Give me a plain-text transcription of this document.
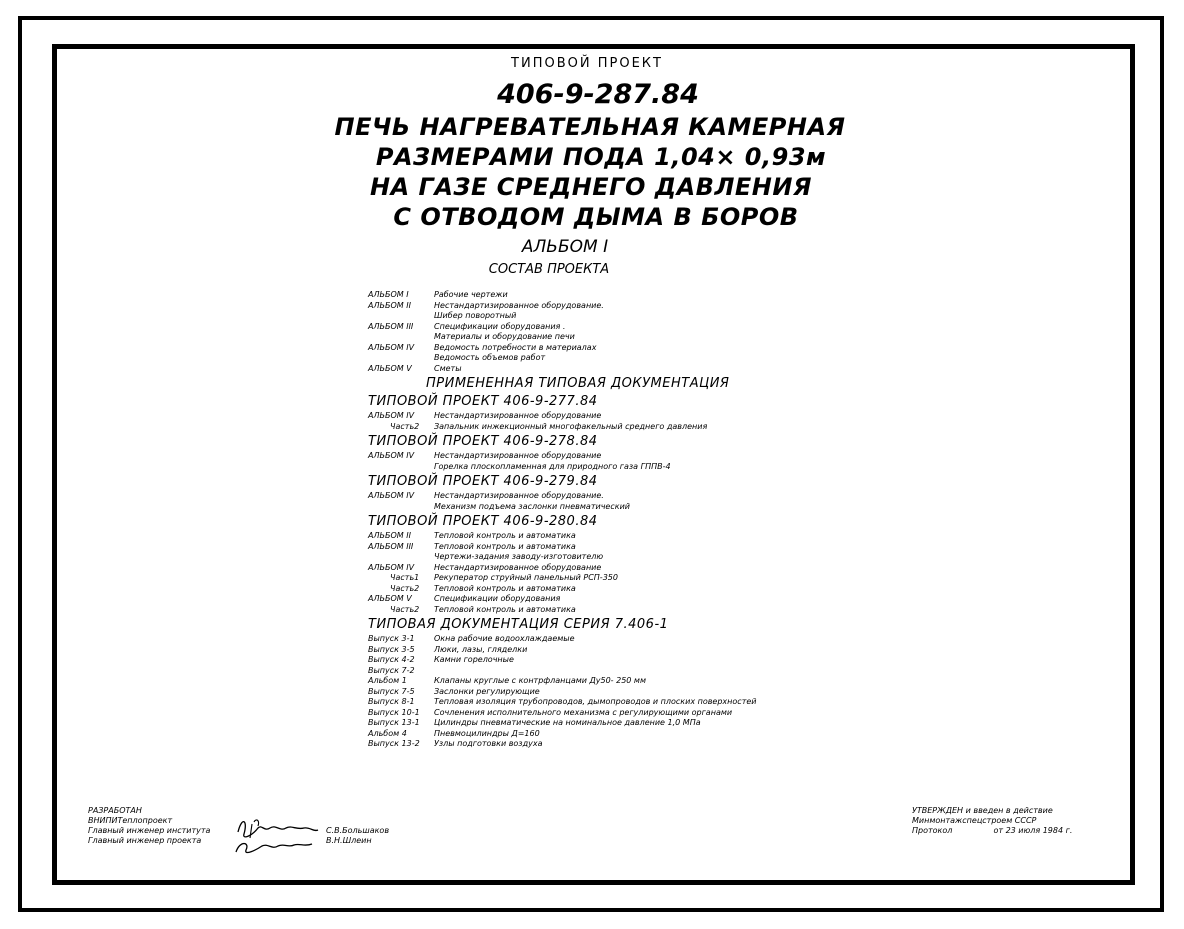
ТИПОВОЙ ПРОЕКТ
406-9-287.84
ПЕЧЬ НАГРЕВАТЕЛЬНАЯ КАМЕРНАЯ
РАЗМЕРАМИ ПОДА 1,04× 0,93м
НА ГАЗЕ СРЕДНЕГО ДАВЛЕНИЯ
С ОТВОДОМ ДЫМА В БОРОВ
АЛЬБОМ I
СОСТАВ ПРОЕКТА
АЛЬБОМ I	Рабочие чертежи
АЛЬБОМ II	Нестандартизированное оборудование.
Шибер поворотный
АЛЬБОМ III	Спецификации оборудования .
Материалы и оборудование печи
АЛЬБОМ IV	Ведомость потребности в материалах
Ведомость объемов работ
АЛЬБОМ V	Сметы
ПРИМЕНЕННАЯ ТИПОВАЯ ДОКУМЕНТАЦИЯ
ТИПОВОЙ ПРОЕКТ 406-9-277.84
АЛЬБОМ IV	Нестандартизированное оборудование
Часть2	Запальник инжекционный многофакельный среднего давления
ТИПОВОЙ ПРОЕКТ 406-9-278.84
АЛЬБОМ IV	Нестандартизированное оборудование
Горелка плоскопламенная для природного газа ГППВ-4
ТИПОВОЙ ПРОЕКТ 406-9-279.84
АЛЬБОМ IV	Нестандартизированное оборудование.
Механизм подъема заслонки пневматический
ТИПОВОЙ ПРОЕКТ 406-9-280.84
АЛЬБОМ II	Тепловой контроль и автоматика
АЛЬБОМ III	Тепловой контроль и автоматика
Чертежи-задания заводу-изготовителю
АЛЬБОМ IV	Нестандартизированное оборудование
Часть1	Рекуператор струйный панельный РСП-350
Часть2	Тепловой контроль и автоматика
АЛЬБОМ V	Спецификации оборудования
Часть2	Тепловой контроль и автоматика
ТИПОВАЯ ДОКУМЕНТАЦИЯ СЕРИЯ 7.406-1
Выпуск 3-1	Окна рабочие водоохлаждаемые
Выпуск 3-5	Люки, лазы, гляделки
Выпуск 4-2	Камни горелочные
Выпуск 7-2
Альбом 1	Клапаны круглые с контрфланцами Ду50- 250 мм
Выпуск 7-5	Заслонки регулирующие
Выпуск 8-1	Тепловая изоляция трубопроводов, дымопроводов и плоских поверхностей
Выпуск 10-1	Сочленения исполнительного механизма с регулирующими органами
Выпуск 13-1	Цилиндры пневматические на номинальное давление 1,0 МПа
Альбом 4	Пневмоцилиндры Д=160
Выпуск 13-2	Узлы подготовки воздуха
РАЗРАБОТАН
ВНИПИТеплопроект
Главный инженер института
Главный инженер проекта
С.В.Большаков
В.Н.Шлеин
УТВЕРЖДЕН и введен в действие
Минмонтажспецстроем СССР
Протокол	от 23 июля 1984 г.
